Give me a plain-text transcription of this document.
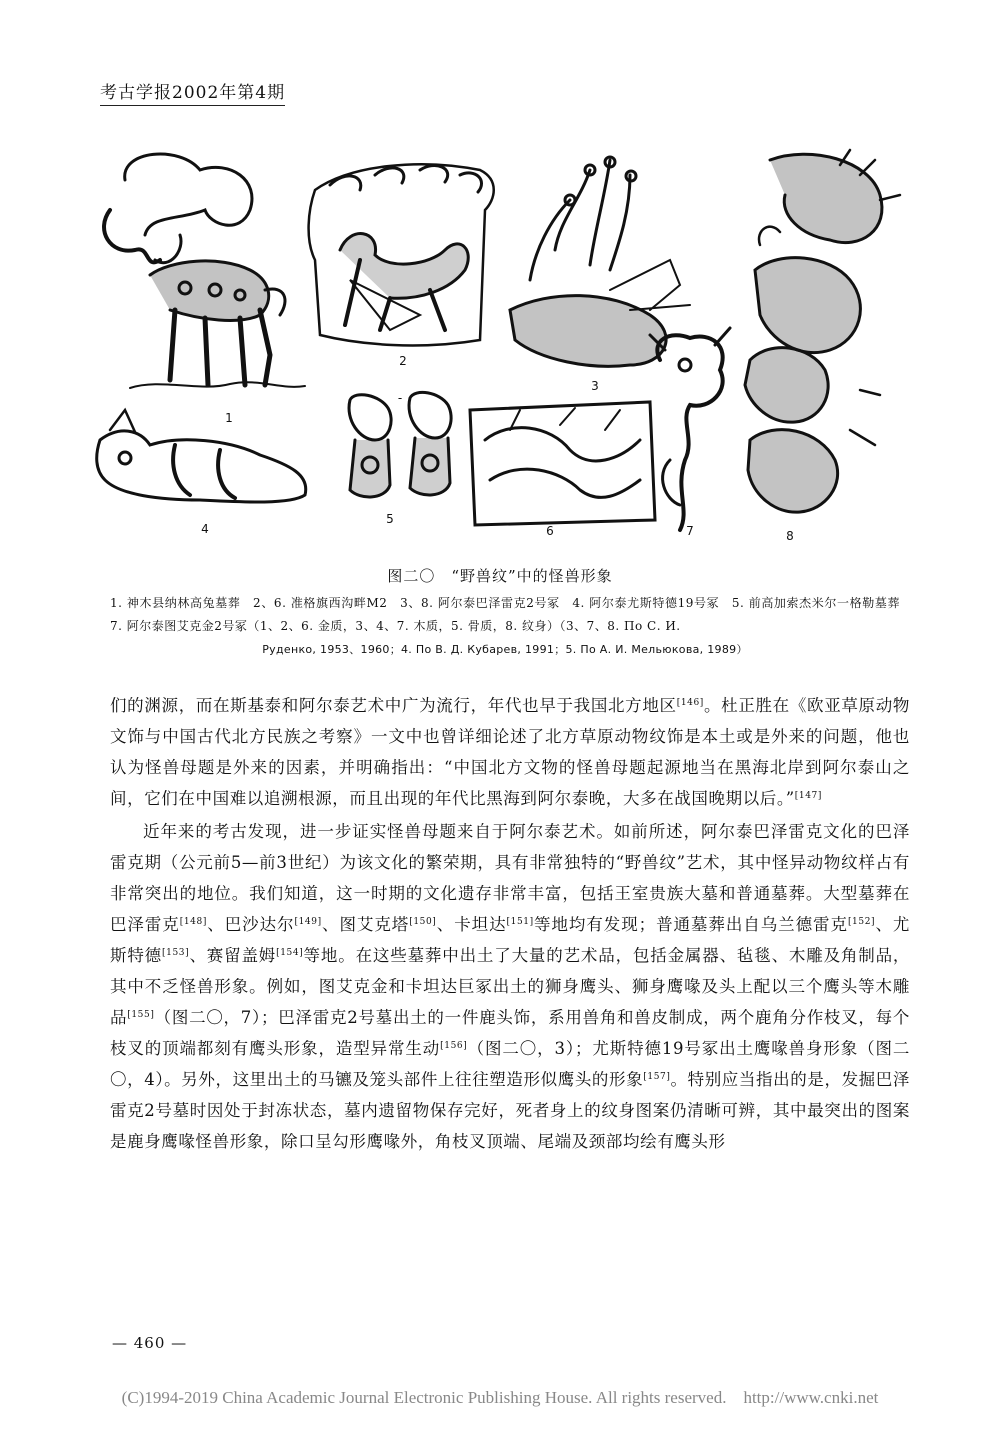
考古学报2002年第4期
1
2
3
4
5
-
6	7	8
图二〇　“野兽纹”中的怪兽形象
1. 神木县纳林高兔墓葬　2、6. 准格旗西沟畔M2　3、8. 阿尔泰巴泽雷克2号冢　4. 阿尔泰尤斯特德19号冢　5. 前高加索杰米尔一格勒墓葬　7. 阿尔泰图艾克金2号冢（1、2、6. 金质，3、4、7. 木质，5. 骨质，8. 纹身）（3、7、8. По С. И.
Руденко, 1953、1960；4. По В. Д. Кубарев, 1991；5. По А. И. Мельюкова, 1989）

们的渊源，而在斯基泰和阿尔泰艺术中广为流行，年代也早于我国北方地区[146]。杜正胜在《欧亚草原动物文饰与中国古代北方民族之考察》一文中也曾详细论述了北方草原动物纹饰是本土或是外来的问题，他也认为怪兽母题是外来的因素，并明确指出：“中国北方文物的怪兽母题起源地当在黑海北岸到阿尔泰山之间，它们在中国难以追溯根源，而且出现的年代比黑海到阿尔泰晚，大多在战国晚期以后。”[147]

近年来的考古发现，进一步证实怪兽母题来自于阿尔泰艺术。如前所述，阿尔泰巴泽雷克文化的巴泽雷克期（公元前5—前3世纪）为该文化的繁荣期，具有非常独特的“野兽纹”艺术，其中怪异动物纹样占有非常突出的地位。我们知道，这一时期的文化遗存非常丰富，包括王室贵族大墓和普通墓葬。大型墓葬在巴泽雷克[148]、巴沙达尔[149]、图艾克塔[150]、卡坦达[151]等地均有发现；普通墓葬出自乌兰德雷克[152]、尤斯特德[153]、赛留盖姆[154]等地。在这些墓葬中出土了大量的艺术品，包括金属器、毡毯、木雕及角制品，其中不乏怪兽形象。例如，图艾克金和卡坦达巨冢出土的狮身鹰头、狮身鹰喙及头上配以三个鹰头等木雕品[155]（图二〇，7）；巴泽雷克2号墓出土的一件鹿头饰，系用兽角和兽皮制成，两个鹿角分作枝叉，每个枝叉的顶端都刻有鹰头形象，造型异常生动[156]（图二〇，3）；尤斯特德19号冢出土鹰喙兽身形象（图二〇，4）。另外，这里出土的马镳及笼头部件上往往塑造形似鹰头的形象[157]。特别应当指出的是，发掘巴泽雷克2号墓时因处于封冻状态，墓内遗留物保存完好，死者身上的纹身图案仍清晰可辨，其中最突出的图案是鹿身鹰喙怪兽形象，除口呈勾形鹰喙外，角枝叉顶端、尾端及颈部均绘有鹰头形

— 460 —
(C)1994-2019 China Academic Journal Electronic Publishing House. All rights reserved.　http://www.cnki.net
